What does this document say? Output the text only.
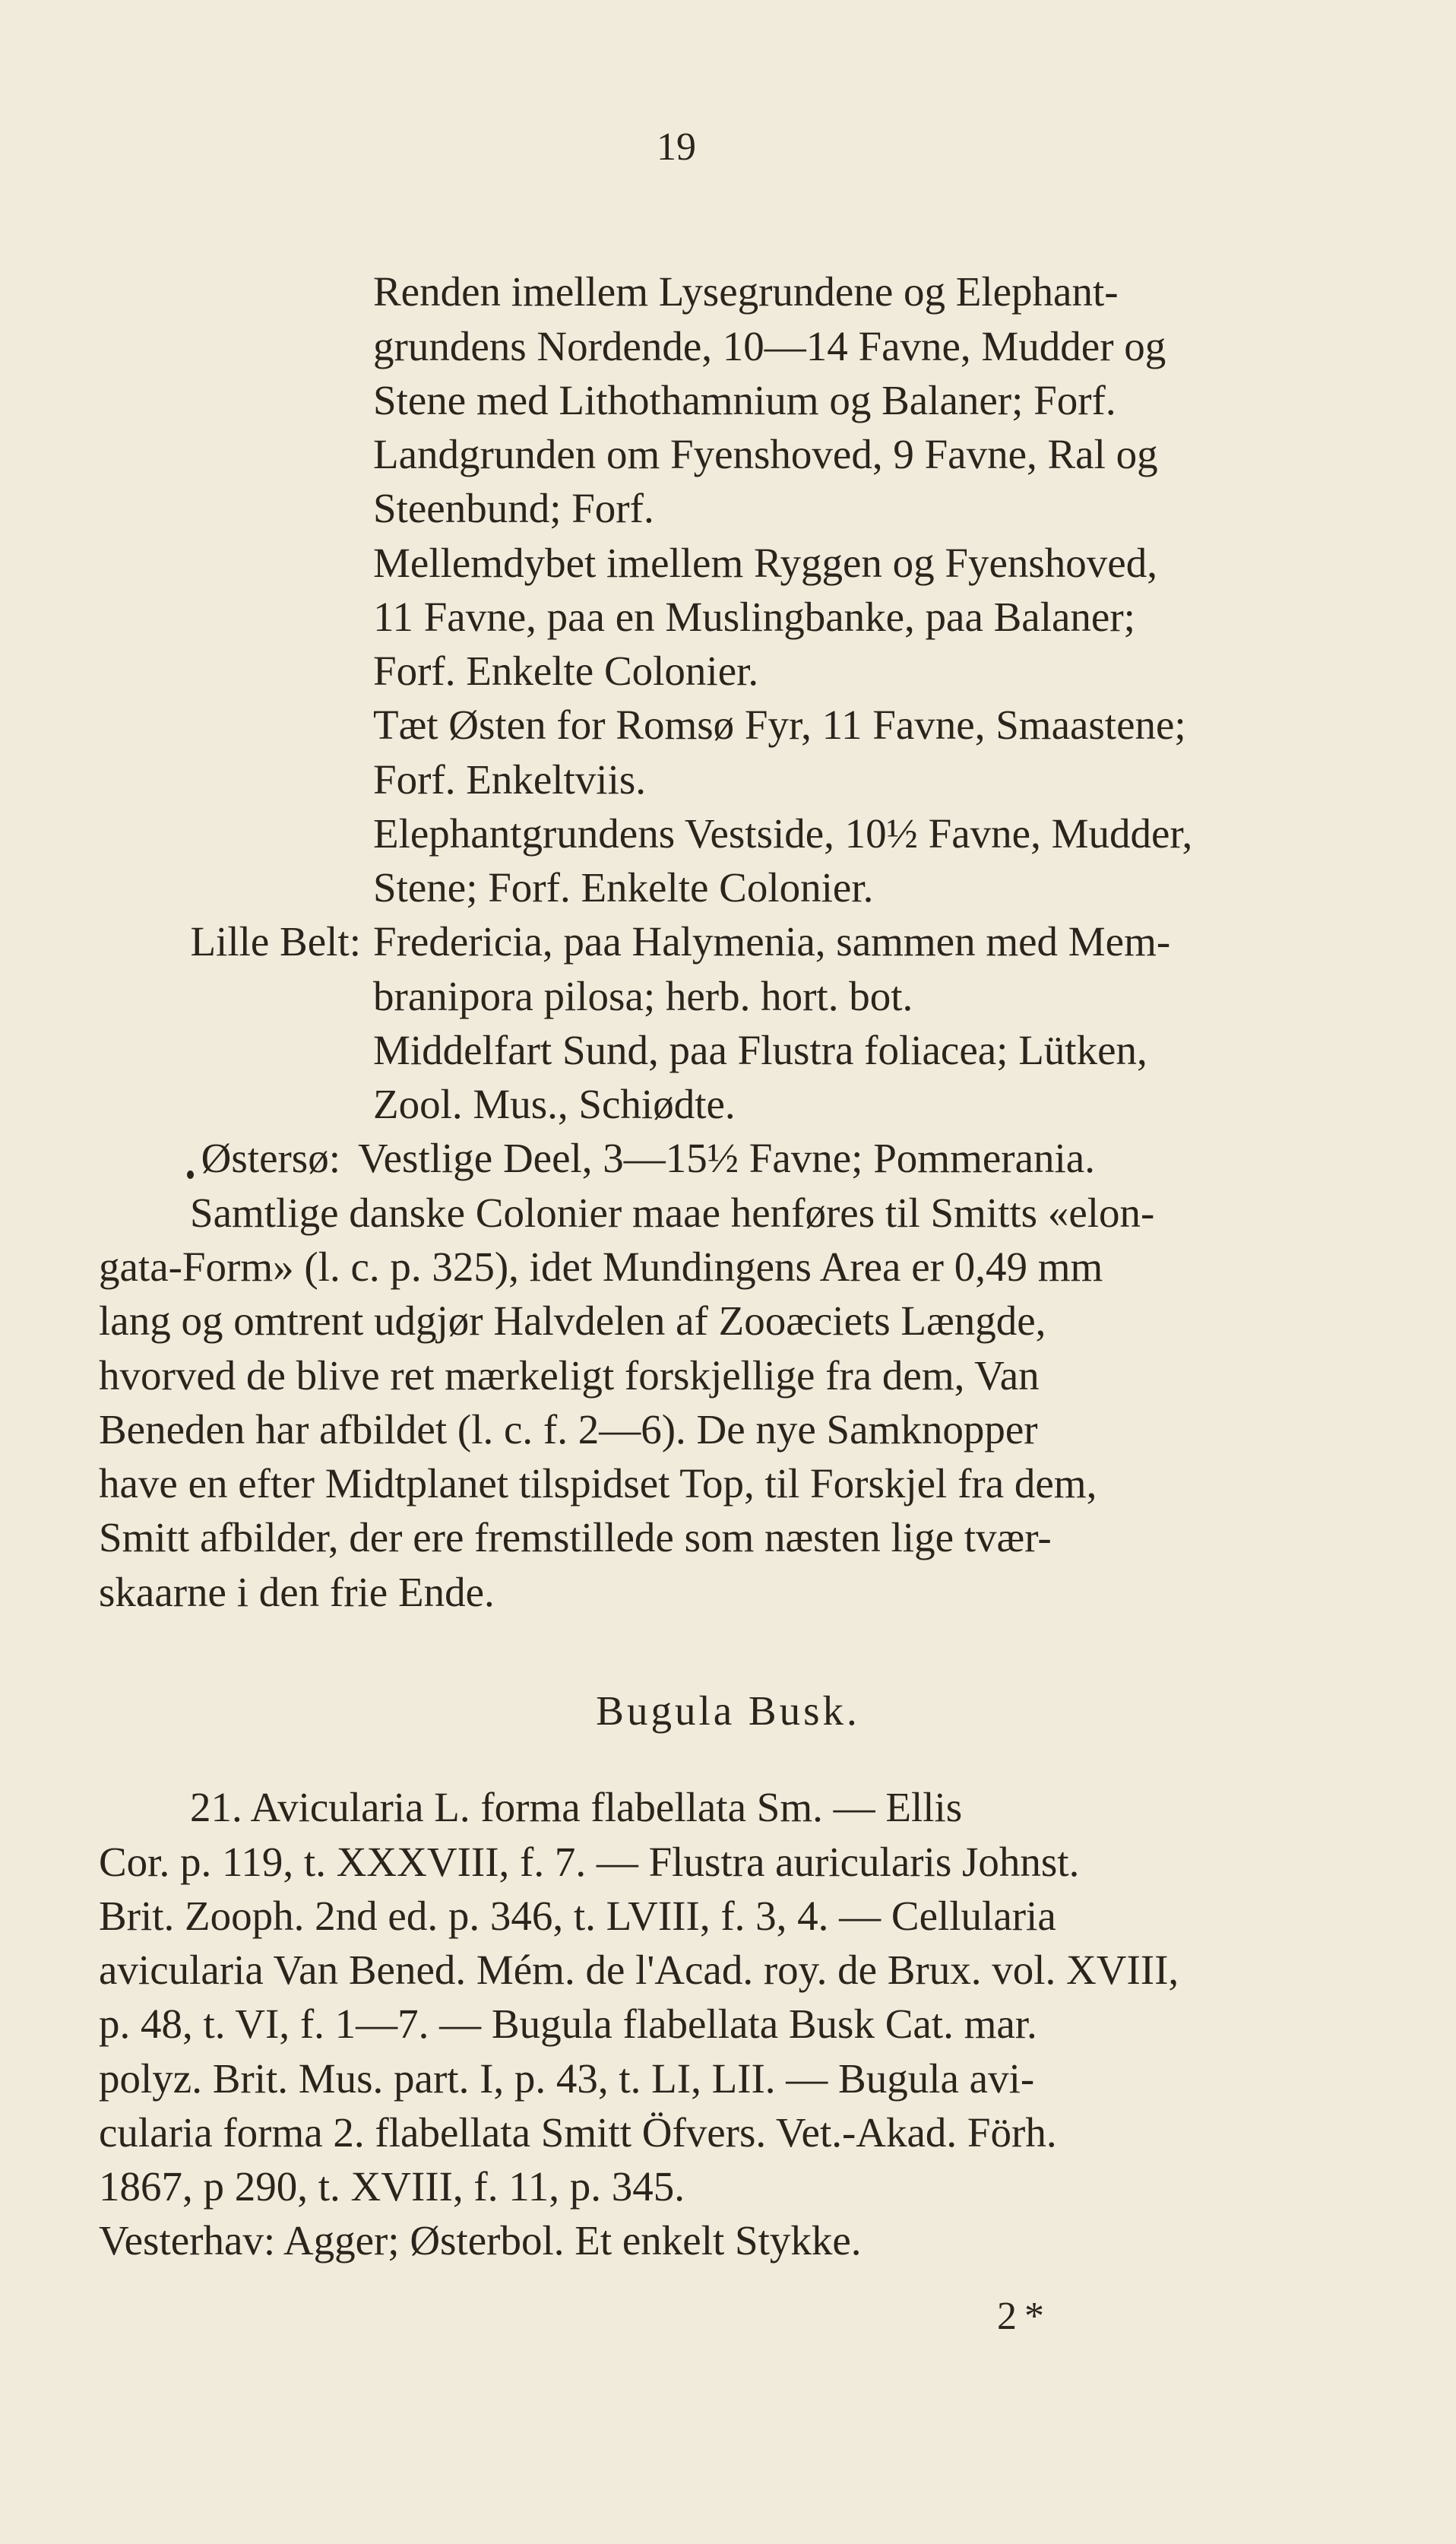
19
Renden imellem Lysegrundene og Elephant-
grundens Nordende, 10—14 Favne, Mudder og
Stene med Lithothamnium og Balaner; Forf.
Landgrunden om Fyenshoved, 9 Favne, Ral og
Steenbund; Forf.
Mellemdybet imellem Ryggen og Fyenshoved,
11 Favne, paa en Muslingbanke, paa Balaner;
Forf. Enkelte Colonier.
Tæt Østen for Romsø Fyr, 11 Favne, Smaastene;
Forf. Enkeltviis.
Elephantgrundens Vestside, 10½ Favne, Mudder,
Stene; Forf. Enkelte Colonier.
Lille Belt: Fredericia, paa Halymenia, sammen med Mem-
branipora pilosa; herb. hort. bot.
Middelfart Sund, paa Flustra foliacea; Lütken,
Zool. Mus., Schiødte.
Østersø: Vestlige Deel, 3—15½ Favne; Pommerania.
Samtlige danske Colonier maae henføres til Smitts «elon-
gata-Form» (l. c. p. 325), idet Mundingens Area er 0,49 mm
lang og omtrent udgjør Halvdelen af Zooæciets Længde,
hvorved de blive ret mærkeligt forskjellige fra dem, Van
Beneden har afbildet (l. c. f. 2—6). De nye Samknopper
have en efter Midtplanet tilspidset Top, til Forskjel fra dem,
Smitt afbilder, der ere fremstillede som næsten lige tvær-
skaarne i den frie Ende.
Bugula Busk.
21. Avicularia L. forma flabellata Sm. — Ellis
Cor. p. 119, t. XXXVIII, f. 7. — Flustra auricularis Johnst.
Brit. Zooph. 2nd ed. p. 346, t. LVIII, f. 3, 4. — Cellularia
avicularia Van Bened. Mém. de l'Acad. roy. de Brux. vol. XVIII,
p. 48, t. VI, f. 1—7. — Bugula flabellata Busk Cat. mar.
polyz. Brit. Mus. part. I, p. 43, t. LI, LII. — Bugula avi-
cularia forma 2. flabellata Smitt Öfvers. Vet.-Akad. Förh.
1867, p 290, t. XVIII, f. 11, p. 345.
Vesterhav: Agger; Østerbol. Et enkelt Stykke.
2*
